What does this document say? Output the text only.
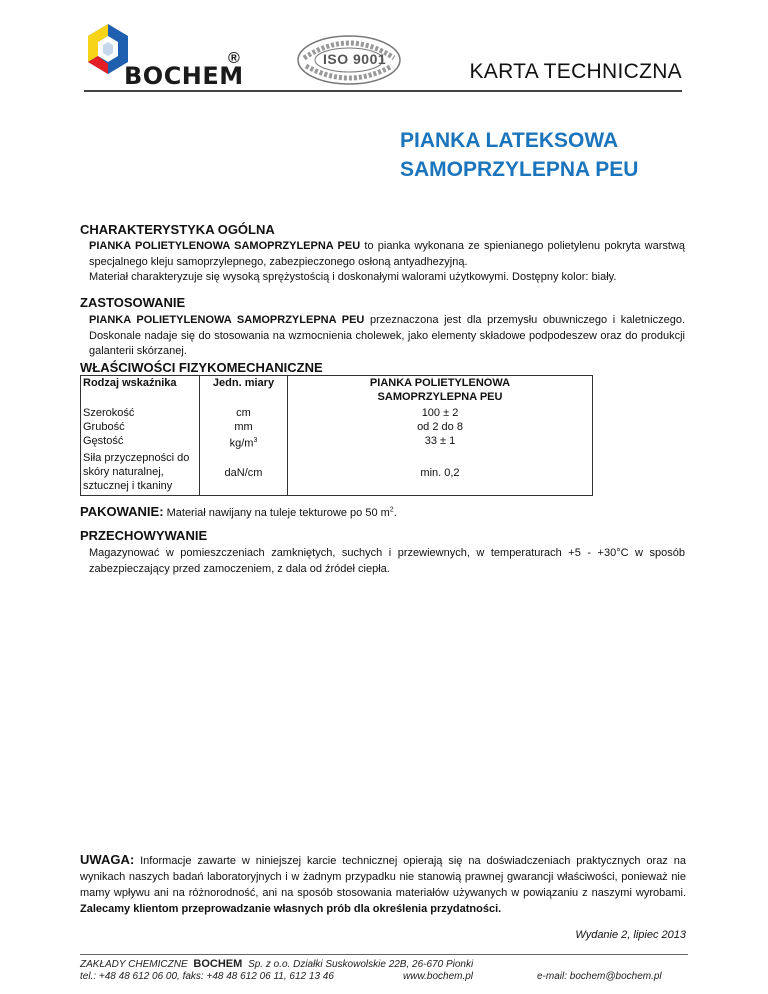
BOCHEM
®	ISO 9001
KARTA TECHNICZNA
PIANKA LATEKSOWA
SAMOPRZYLEPNA PEU
CHARAKTERYSTYKA OGÓLNA

PIANKA POLIETYLENOWA SAMOPRZYLEPNA PEU to pianka wykonana ze spienianego polietylenu pokryta warstwą specjalnego kleju samoprzylepnego, zabezpieczonego osłoną antyadhezyjną.

Materiał charakteryzuje się wysoką sprężystością i doskonałymi walorami użytkowymi. Dostępny kolor: biały.

ZASTOSOWANIE

PIANKA POLIETYLENOWA SAMOPRZYLEPNA PEU przeznaczona jest dla przemysłu obuwniczego i kaletniczego. Doskonale nadaje się do stosowania na wzmocnienia cholewek, jako elementy składowe podpodeszew oraz do produkcji galanterii skórzanej.

WŁAŚCIWOŚCI FIZYKOMECHANICZNE
Rodzaj wskaźnika	Jedn. miary	PIANKA POLIETYLENOWA SAMOPRZYLEPNA PEU
Szerokość	cm	100 ± 2
Grubość	mm	od 2 do 8
Gęstość	$kg/m^3$	33 ± 1
Siła przyczepności do skóry naturalnej, sztucznej i tkaniny	daN/cm	min. 0,2
PAKOWANIE: Materiał nawijany na tuleje tekturowe po 50 $m^2$.
PRZECHOWYWANIE

Magazynować w pomieszczeniach zamkniętych, suchych i przewiewnych, w temperaturach +5 - +30°C w sposób zabezpieczający przed zamoczeniem, z dala od źródeł ciepła.

UWAGA: Informacje zawarte w niniejszej karcie technicznej opierają się na doświadczeniach praktycznych oraz na wynikach naszych badań laboratoryjnych i w żadnym przypadku nie stanowią prawnej gwarancji właściwości, ponieważ nie mamy wpływu ani na różnorodność, ani na sposób stosowania materiałów używanych w powiązaniu z naszymi wyrobami. Zalecamy klientom przeprowadzanie własnych prób dla określenia przydatności.

Wydanie 2, lipiec 2013
ZAKŁADY CHEMICZNE BOCHEM Sp. z o.o. Działki Suskowolskie 22B, 26-670 Pionki
tel.: +48 48 612 06 00, faks: +48 48 612 06 11, 612 13 46	www.bochem.pl	e-mail: bochem@bochem.pl
